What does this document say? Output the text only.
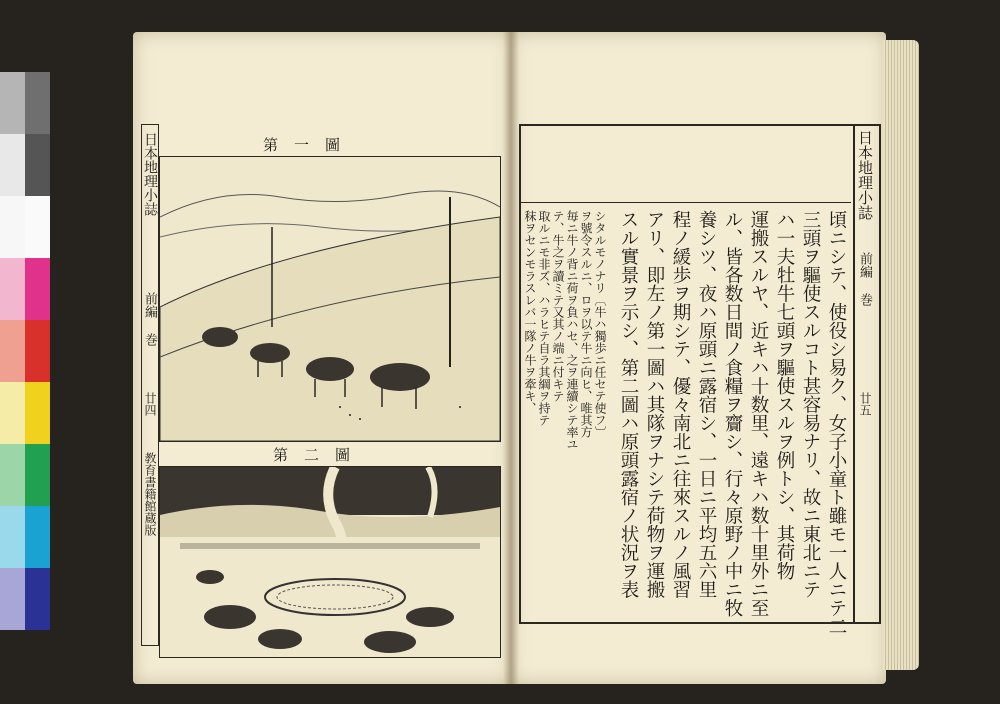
日本地理小誌
前編 巻
廿四
教育書籍館蔵版
第一圖
第二圖
日本地理小誌
前編 巻
廿五
頃ニシテ、使役シ易ク、女子小童ト雖モ一人ニテ二
三頭ヲ驅使スルコト甚容易ナリ、故ニ東北ニテ
ハ一夫牡牛七頭ヲ驅使スルヲ例トシ、其荷物
運搬スルヤ、近キハ十数里、遠キハ数十里外ニ至
ル、皆各数日間ノ食糧ヲ齎シ、行々原野ノ中ニ牧
養シツ、夜ハ原頭ニ露宿シ、一日ニ平均五六里
程ノ緩歩ヲ期シテ、優々南北ニ往來スルノ風習
アリ、即左ノ第一圖ハ其隊ヲナシテ荷物ヲ運搬
スル實景ヲ示シ、第二圖ハ原頭露宿ノ状況ヲ表
シタルモノナリ〔牛ハ獨歩ニ任セテ使フ〕
ヲ號令スルニ、ロヲ以テ牛ニ向ヒ、唯其方
毎ニ牛ノ背ニ荷ヲ負ハセ、之ヲ連續シテ率ユ
テ、牛之ヲ讀ミテ又其ノ端ニ付キテ
取ルニモ非ズ、ハラヒテ自ラ其綱ヲ持テ
秣ヲセンモラスレバ一隊ノ牛ヲ牽キ、
